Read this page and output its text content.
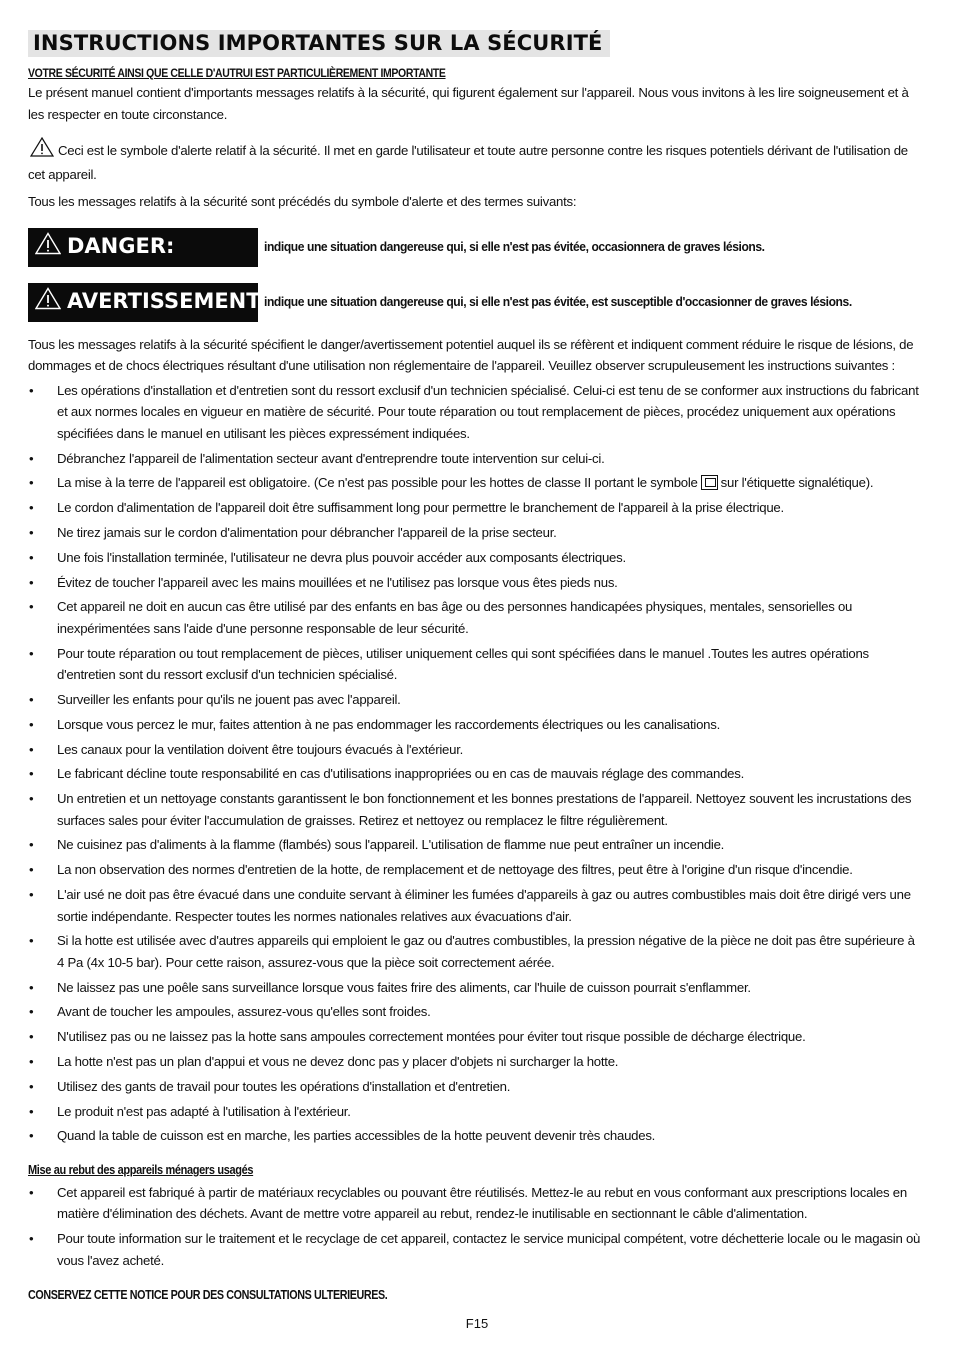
INSTRUCTIONS IMPORTANTES SUR LA SÉCURITÉ
VOTRE SÉCURITÉ AINSI QUE CELLE D'AUTRUI EST PARTICULIÈREMENT IMPORTANTE

Le présent manuel contient d'importants messages relatifs à la sécurité, qui figurent également sur l'appareil. Nous vous invitons à les lire soigneusement et à les respecter en toute circonstance.

Ceci est le symbole d'alerte relatif à la sécurité. Il met en garde l'utilisateur et toute autre personne contre les risques potentiels dérivant de l'utilisation de cet appareil.

Tous les messages relatifs à la sécurité sont précédés du symbole d'alerte et des termes suivants:

DANGER:	indique une situation dangereuse qui, si elle n'est pas évitée, occasionnera de graves lésions.
AVERTISSEMENT:
indique une situation dangereuse qui, si elle n'est pas évitée, est susceptible d'occasionner de graves lésions.

Tous les messages relatifs à la sécurité spécifient le danger/avertissement potentiel auquel ils se réfèrent et indiquent comment réduire le risque de lésions, de dommages et de chocs électriques résultant d'une utilisation non réglementaire de l'appareil. Veuillez observer scrupuleusement les instructions suivantes :

• Les opérations d'installation et d'entretien sont du ressort exclusif d'un technicien spécialisé. Celui-ci est tenu de se conformer aux instructions du fabricant et aux normes locales en vigueur en matière de sécurité. Pour toute réparation ou tout remplacement de pièces, procédez uniquement aux opérations spécifiées dans le manuel en utilisant les pièces expressément indiquées.
• Débranchez l'appareil de l'alimentation secteur avant d'entreprendre toute intervention sur celui-ci.
• La mise à la terre de l'appareil est obligatoire. (Ce n'est pas possible pour les hottes de classe II portant le symbole sur l'étiquette signalétique).
• Le cordon d'alimentation de l'appareil doit être suffisamment long pour permettre le branchement de l'appareil à la prise électrique.
• Ne tirez jamais sur le cordon d'alimentation pour débrancher l'appareil de la prise secteur.
• Une fois l'installation terminée, l'utilisateur ne devra plus pouvoir accéder aux composants électriques.
• Évitez de toucher l'appareil avec les mains mouillées et ne l'utilisez pas lorsque vous êtes pieds nus.
• Cet appareil ne doit en aucun cas être utilisé par des enfants en bas âge ou des personnes handicapées physiques, mentales, sensorielles ou inexpérimentées sans l'aide d'une personne responsable de leur sécurité.
• Pour toute réparation ou tout remplacement de pièces, utiliser uniquement celles qui sont spécifiées dans le manuel .Toutes les autres opérations d'entretien sont du ressort exclusif d'un technicien spécialisé.
• Surveiller les enfants pour qu'ils ne jouent pas avec l'appareil.
• Lorsque vous percez le mur, faites attention à ne pas endommager les raccordements électriques ou les canalisations.
• Les canaux pour la ventilation doivent être toujours évacués à l'extérieur.
• Le fabricant décline toute responsabilité en cas d'utilisations inappropriées ou en cas de mauvais réglage des commandes.
• Un entretien et un nettoyage constants garantissent le bon fonctionnement et les bonnes prestations de l'appareil. Nettoyez souvent les incrustations des surfaces sales pour éviter l'accumulation de graisses. Retirez et nettoyez ou remplacez le filtre régulièrement.
• Ne cuisinez pas d'aliments à la flamme (flambés) sous l'appareil. L'utilisation de flamme nue peut entraîner un incendie.
• La non observation des normes d'entretien de la hotte, de remplacement et de nettoyage des filtres, peut être à l'origine d'un risque d'incendie.
• L'air usé ne doit pas être évacué dans une conduite servant à éliminer les fumées d'appareils à gaz ou autres combustibles mais doit être dirigé vers une sortie indépendante. Respecter toutes les normes nationales relatives aux évacuations d'air.
• Si la hotte est utilisée avec d'autres appareils qui emploient le gaz ou d'autres combustibles, la pression négative de la pièce ne doit pas être supérieure à 4 Pa (4x 10-5 bar). Pour cette raison, assurez-vous que la pièce soit correctement aérée.
• Ne laissez pas une poêle sans surveillance lorsque vous faites frire des aliments, car l'huile de cuisson pourrait s'enflammer.
• Avant de toucher les ampoules, assurez-vous qu'elles sont froides.
• N'utilisez pas ou ne laissez pas la hotte sans ampoules correctement montées pour éviter tout risque possible de décharge électrique.
• La hotte n'est pas un plan d'appui et vous ne devez donc pas y placer d'objets ni surcharger la hotte.
• Utilisez des gants de travail pour toutes les opérations d'installation et d'entretien.
• Le produit n'est pas adapté à l'utilisation à l'extérieur.
• Quand la table de cuisson est en marche, les parties accessibles de la hotte peuvent devenir très chaudes.
Mise au rebut des appareils ménagers usagés
• Cet appareil est fabriqué à partir de matériaux recyclables ou pouvant être réutilisés. Mettez-le au rebut en vous conformant aux prescriptions locales en matière d'élimination des déchets. Avant de mettre votre appareil au rebut, rendez-le inutilisable en sectionnant le câble d'alimentation.
• Pour toute information sur le traitement et le recyclage de cet appareil, contactez le service municipal compétent, votre déchetterie locale ou le magasin où vous l'avez acheté.
CONSERVEZ CETTE NOTICE POUR DES CONSULTATIONS ULTERIEURES.
F15
